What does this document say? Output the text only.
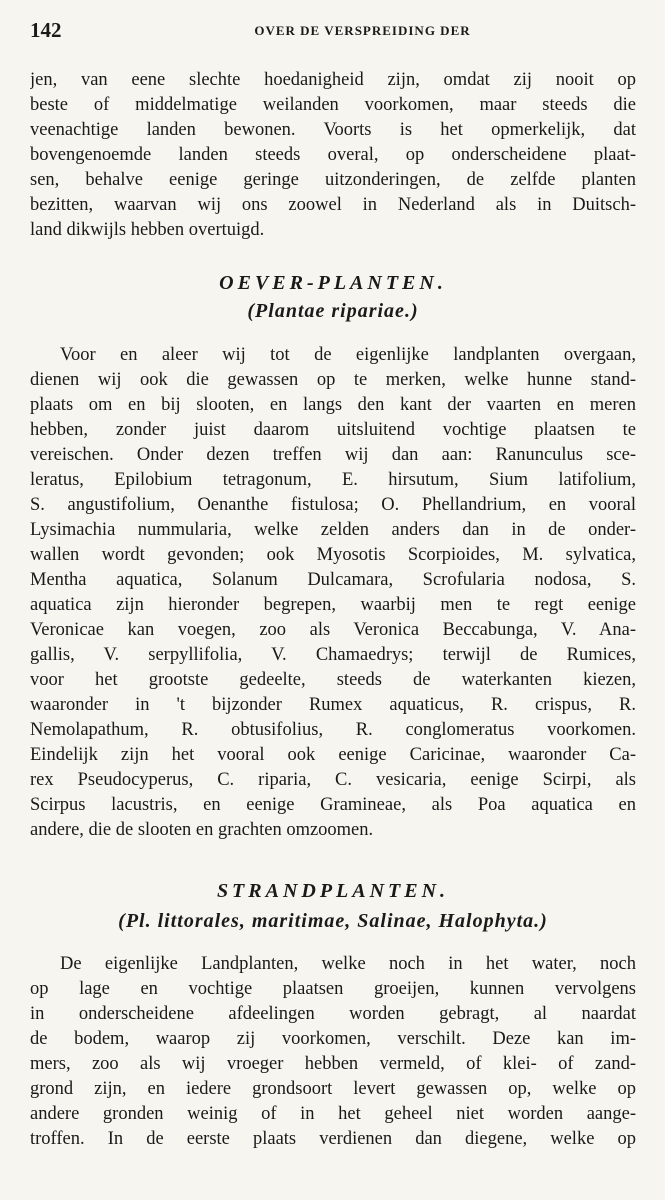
142	OVER DE VERSPREIDING DER
jen, van eene slechte hoedanigheid zijn, omdat zij nooit op
beste of middelmatige weilanden voorkomen, maar steeds die
veenachtige landen bewonen. Voorts is het opmerkelijk, dat
bovengenoemde landen steeds overal, op onderscheidene plaat-
sen, behalve eenige geringe uitzonderingen, de zelfde planten
bezitten, waarvan wij ons zoowel in Nederland als in Duitsch-
land dikwijls hebben overtuigd.
OEVER-PLANTEN.
(Plantae ripariae.)
Voor en aleer wij tot de eigenlijke landplanten overgaan,
dienen wij ook die gewassen op te merken, welke hunne stand-
plaats om en bij slooten, en langs den kant der vaarten en meren
hebben, zonder juist daarom uitsluitend vochtige plaatsen te
vereischen. Onder dezen treffen wij dan aan: Ranunculus sce-
leratus, Epilobium tetragonum, E. hirsutum, Sium latifolium,
S. angustifolium, Oenanthe fistulosa; O. Phellandrium, en vooral
Lysimachia nummularia, welke zelden anders dan in de onder-
wallen wordt gevonden; ook Myosotis Scorpioides, M. sylvatica,
Mentha aquatica, Solanum Dulcamara, Scrofularia nodosa, S.
aquatica zijn hieronder begrepen, waarbij men te regt eenige
Veronicae kan voegen, zoo als Veronica Beccabunga, V. Ana-
gallis, V. serpyllifolia, V. Chamaedrys; terwijl de Rumices,
voor het grootste gedeelte, steeds de waterkanten kiezen,
waaronder in 't bijzonder Rumex aquaticus, R. crispus, R.
Nemolapathum, R. obtusifolius, R. conglomeratus voorkomen.
Eindelijk zijn het vooral ook eenige Caricinae, waaronder Ca-
rex Pseudocyperus, C. riparia, C. vesicaria, eenige Scirpi, als
Scirpus lacustris, en eenige Gramineae, als Poa aquatica en
andere, die de slooten en grachten omzoomen.
STRANDPLANTEN.
(Pl. littorales, maritimae, Salinae, Halophyta.)
De eigenlijke Landplanten, welke noch in het water, noch
op lage en vochtige plaatsen groeijen, kunnen vervolgens
in onderscheidene afdeelingen worden gebragt, al naardat
de bodem, waarop zij voorkomen, verschilt. Deze kan im-
mers, zoo als wij vroeger hebben vermeld, of klei- of zand-
grond zijn, en iedere grondsoort levert gewassen op, welke op
andere gronden weinig of in het geheel niet worden aange-
troffen. In de eerste plaats verdienen dan diegene, welke op
